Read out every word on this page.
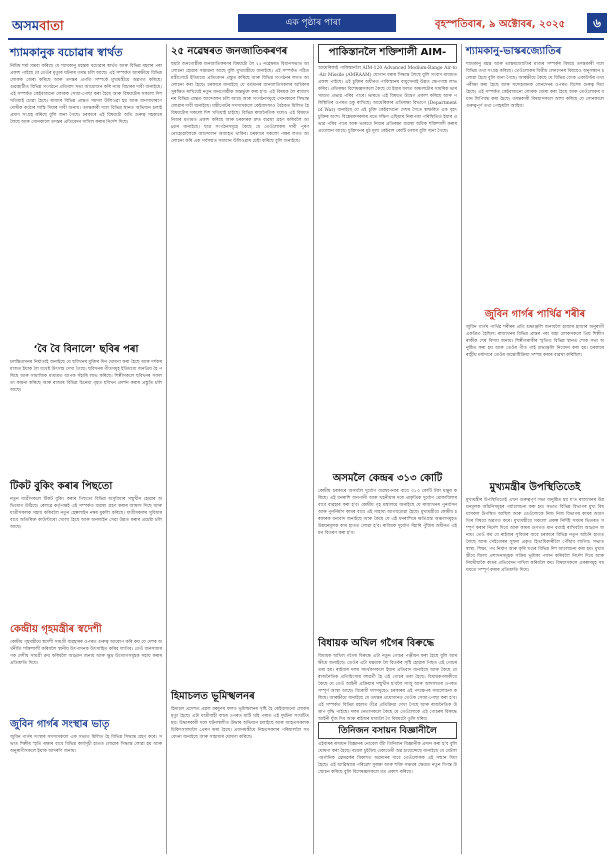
অসমবাতা	এক পৃষ্ঠাৰ পাৰা	বৃহস্পতিবাৰ, ৯ অক্টোবৰ, ২০২৫	৬
শ্যামকানুক বচোৱাৰ স্বাৰ্থত

নিমিষ শৰ্মা মন্তব্য কৰিছে যে শ্যামকানু মহন্তক বচোৱাৰ স্বাৰ্থত আৰু বিভিন্ন মহলৰ পৰা প্ৰকাশ পাইছে যে তেওঁৰ মৃত্যুৰ ঘটনাৰ তদন্ত চলি আছে। এই সম্পৰ্কত আৰক্ষীয়ে বিভিন্ন লোকক জেৰা কৰিছে আৰু তদন্তৰ প্ৰগতি সম্পৰ্কে মুখ্যমন্ত্ৰীয়ে অৱগত কৰিছে। গুৱাহাটীত বিভিন্ন সংগঠনে প্ৰতিবাদ সভা আয়োজন কৰি ন্যায় বিচাৰৰ দাবী জনাইছে। এই সম্পৰ্কত কেইবাজনো লোকক সোধা-পোছা কৰা হৈছে আৰু বিষয়টোৰ সকলো দিশ খতিয়াই চোৱা হৈছে। ৰাজ্যৰ বিভিন্ন প্ৰান্তত সমদল উলিওৱা হয় আৰু জনসাধাৰণে দোষীক কঠোৰ শাস্তি দিয়াৰ দাবী জনায়। তদন্তকাৰী দলে বিভিন্ন স্থানত অভিযান চলাই প্ৰমাণ সংগ্ৰহ কৰিছে বুলি জনা গৈছে। চৰকাৰে এই বিষয়টো অতি গুৰুত্ব সহকাৰে লৈছে আৰু সোনকালে তদন্তৰ প্ৰতিবেদন দাখিল কৰাৰ নিৰ্দেশ দিছে।

‘বৈ বৈ বিনালে’ ছবিৰ পৰা

চলচ্চিত্ৰখনৰ নিৰ্মাতাই জনাইছে যে ছবিখনৰ মুক্তিৰ দিন ঘোষণা কৰা হৈছে আৰু দৰ্শকৰ মাজত ইয়াক লৈ যথেষ্ট উৎসাহ দেখা গৈছে। ছবিখনৰ গীতসমূহ ইতিমধ্যে জনপ্ৰিয় হৈ পৰিছে আৰু সামাজিক মাধ্যমত ব্যাপক সঁহাৰি লাভ কৰিছে। শিল্পীসকলে ছবিখনৰ সফলতা কামনা কৰিছে আৰু ৰাজ্যৰ বিভিন্ন চিনেমা গৃহত ছবিখন প্ৰদৰ্শন কৰাৰ প্ৰস্তুতি চলি আছে।

টিকট বুকিং কৰাৰ পিছতো

নতুন যাত্ৰীসকলে টিকট বুকিং কৰাৰ পিছতো বিভিন্ন অসুবিধাৰ সন্মুখীন হোৱাৰ অভিযোগ উঠিছে। ৰেলৱে কৰ্তৃপক্ষই এই সম্পৰ্কত ব্যৱস্থা গ্ৰহণ কৰাৰ আশ্বাস দিছে আৰু যাত্ৰীসকলক সহায় কৰিবলৈ নতুন হেল্পলাইন নম্বৰ মুকলি কৰিছে। যাত্ৰীসকলৰ সুবিধাৰ বাবে অতিৰিক্ত কাউণ্টাৰো খোলা হৈছে আৰু অনলাইন সেৱা উন্নত কৰাৰ প্ৰচেষ্টা চলি আছে।

কেন্দ্ৰীয় গৃহমন্ত্ৰীৰ স্বদেশী

কেন্দ্ৰীয় গৃহমন্ত্ৰীয়ে স্বদেশী সামগ্ৰী ব্যৱহাৰৰ ওপৰত গুৰুত্ব আৰোপ কৰি কয় যে দেশৰ অৰ্থনীতি শক্তিশালী কৰিবলৈ স্থানীয় উৎপাদনক উৎসাহিত কৰিব লাগিব। তেওঁ জনসাধাৰণক দেশীয় সামগ্ৰী ক্ৰয় কৰিবলৈ আহ্বান জনায় আৰু ক্ষুদ্ৰ উদ্যোগসমূহক সহায় কৰাৰ প্ৰতিশ্ৰুতি দিয়ে।

জুবিন গাৰ্গৰ সংস্থাৰ ভাতৃ

জুবিন গাৰ্গৰ সংস্থাৰ সদস্যসকলে এক সভাত মিলিত হৈ বিভিন্ন সিদ্ধান্ত গ্ৰহণ কৰে। সভাত শিল্পীৰ স্মৃতি ৰক্ষাৰ বাবে বিভিন্ন কাৰ্যসূচী হাতত লোৱাৰ সিদ্ধান্ত লোৱা হয় আৰু অনুৰাগীসকলে ইয়াক আদৰণি জনায়।

২৫ নৱেম্বৰত জনজাতিকৰণৰ

ছয়টা জনগোষ্ঠীক জনজাতিকৰণৰ বিষয়টো লৈ ২৫ নৱেম্বৰত বিধানসভাত আলোচনা হোৱাৰ সম্ভাৱনা আছে বুলি মুখ্যমন্ত্ৰীয়ে জনাইছে। এই সম্পৰ্কত গঠিত মন্ত্ৰীগোটে ইতিমধ্যে প্ৰতিবেদন প্ৰস্তুত কৰিছে আৰু বিভিন্ন সংগঠনৰ লগত আলোচনা কৰা হৈছে। চৰকাৰে জনাইছে যে বৰ্তমানৰ জনজাতিসকলৰ অধিকাৰ সুৰক্ষিত ৰাখিয়েই নতুন জনগোষ্ঠীক অন্তৰ্ভুক্ত কৰা হ'ব। এই বিষয়ক লৈ ৰাজ্যখনৰ বিভিন্ন প্ৰান্তত আন্দোলন চলি আছে আৰু সংগঠনসমূহে সোনকালে সিদ্ধান্ত লোৱাৰ দাবী জনাইছে। মন্ত্ৰীগোটৰ সদস্যসকলে কেইবাদফাও বৈঠকত মিলিত হৈ বিষয়টোৰ সকলো দিশ খতিয়াই চাইছে। বিভিন্ন ৰাজনৈতিক দলেও এই বিষয়ত নিজৰ মতামত প্ৰকাশ কৰিছে আৰু চৰকাৰক দ্ৰুত ব্যৱস্থা গ্ৰহণ কৰিবলৈ আহ্বান জনাইছে। ছাত্ৰ সংগঠনসমূহে কৈছে যে তেওঁলোকৰ দাবী পূৰণ নোহোৱালৈকে আন্দোলন অব্যাহত থাকিব। চৰকাৰে সকলো পক্ষৰ লগত আলোচনা কৰি এক সৰ্বসন্মত সমাধান উলিওৱাৰ চেষ্টা কৰিছে বুলি জনাইছে।

হিমাচলত ভূমিস্খলনৰ

হিমাচল প্ৰদেশত প্ৰৱল বৰষুণৰ ফলত ভূমিস্খলনৰ সৃষ্টি হৈ কেইবাজনো লোকৰ মৃত্যু হৈছে। এটা যাত্ৰীবাহী বাছৰ ওপৰত মাটি খহি পৰাত এই দুৰ্ঘটনা সংঘটিত হয়। উদ্ধাৰকাৰী দলে ঘটনাস্থলীত উদ্ধাৰ অভিযান চলাইছে আৰু আহতসকলক চিকিৎসালয়লৈ প্ৰেৰণ কৰা হৈছে। প্ৰধানমন্ত্ৰীয়ে নিহতসকলৰ পৰিয়াললৈ সমবেদনা জনাইছে আৰু সাহায্যৰ ঘোষণা কৰিছে।

পাকিস্তানলৈ শক্তিশালী AIM-

আমেৰিকাই পাকিস্তানলৈ AIM-120 Advanced Medium-Range Air-to-Air Missile (AMRAAM) যোগান ধৰাৰ সিদ্ধান্ত লৈছে বুলি সংবাদ মাধ্যমত প্ৰকাশ পাইছে। এই চুক্তিৰ অধীনত পাকিস্তানৰ বায়ুসেনাই উন্নত ক্ষেপণাস্ত্ৰ লাভ কৰিব। প্ৰতিৰক্ষা বিশেষজ্ঞসকলে কৈছে যে ইয়াৰ ফলত অঞ্চলটোৰ সামৰিক ভাৰসাম্যত প্ৰভাৱ পৰিব পাৰে। ভাৰতে এই বিষয়ত উদ্বেগ প্ৰকাশ কৰিছে আৰু পৰিস্থিতিৰ ওপৰত চকু ৰাখিছে। আমেৰিকাৰ প্ৰতিৰক্ষা বিভাগে (Department of War) জনাইছে যে এই চুক্তি কেইবাখনো দেশৰ সৈতে স্বাক্ষৰিত এক বৃহৎ চুক্তিৰ অংশ। বিশ্লেষকসকলৰ মতে দক্ষিণ এছিয়াৰ নিৰাপত্তা পৰিস্থিতিত ইয়াৰ প্ৰভাৱ পৰিব পাৰে আৰু ভাৰতে নিজৰ প্ৰতিৰক্ষা ব্যৱস্থা অধিক শক্তিশালী কৰাৰ প্ৰয়োজন আছে। চুক্তিখনৰ মুঠ মূল্য কেইবাশ কোটি ডলাৰ বুলি জনা গৈছে।

অসমলৈ কেন্দ্ৰৰ ৩১৩ কোটি

কেন্দ্ৰীয় চৰকাৰে অসমলৈ দুৰ্যোগ ব্যৱস্থাপনাৰ বাবে ৩১৩ কোটি টকা মঞ্জুৰ কৰিছে। এই ধনৰাশি বানপানী আৰু খহনীয়াৰ দৰে প্ৰাকৃতিক দুৰ্যোগ মোকাবিলাৰ বাবে ব্যৱহাৰ কৰা হ'ব। কেন্দ্ৰীয় গৃহ মন্ত্ৰালয়ে জনাইছে যে ৰাজ্যখনৰ পুনৰ্বাসন আৰু পুনৰ্নিৰ্মাণ কামৰ বাবে এই সাহায্য আগবঢ়োৱা হৈছে। মুখ্যমন্ত্ৰীয়ে কেন্দ্ৰীয় চৰকাৰক ধন্যবাদ জনাইছে আৰু কৈছে যে এই ধনৰাশিৰে ক্ষতিগ্ৰস্ত অঞ্চলসমূহত উন্নয়নমূলক কাম হাতত লোৱা হ'ব। ৰাজ্যিক দুৰ্যোগ সঁহাৰি পুঁজিৰ অধীনত এই ধন বিতৰণ কৰা হ'ব।

বিধায়ক অখিল গগৈৰ বিৰুদ্ধে

বিধায়ক অখিল গগৈৰ বিৰুদ্ধে এটা নতুন গোচৰ পঞ্জীয়ন কৰা হৈছে বুলি আৰক্ষীয়ে জনাইছে। তেওঁৰ এটা মন্তব্যক লৈ বিতৰ্কৰ সৃষ্টি হোৱাৰ পিছত এই গোচৰ তৰা হয়। ৰাইজৰ দলৰ সমৰ্থকসকলে ইয়াৰ প্ৰতিবাদ জনাইছে আৰু কৈছে যে ৰাজনৈতিক প্ৰতিহিংসাৰ বশৱৰ্তী হৈ এই গোচৰ তৰা হৈছে। বিধায়কগৰাকীয়ে কৈছে যে তেওঁ আইনী প্ৰক্ৰিয়াৰ সন্মুখীন হ'বলৈ সাজু আৰু আদালতৰ ওপৰত সম্পূৰ্ণ আস্থা আছে। বিৰোধী দলসমূহেও চৰকাৰৰ এই পদক্ষেপৰ সমালোচনা কৰিছে। আৰক্ষীয়ে জনাইছে যে তদন্তৰ প্ৰয়োজনত তেওঁক সোধা-পোছা কৰা হ'ব। এই সম্পৰ্কত বিভিন্ন মহলত তীব্ৰ প্ৰতিক্ৰিয়া দেখা গৈছে আৰু ৰাজনৈতিক উত্তাপ বৃদ্ধি পাইছে। দলৰ নেতাসকলে কৈছে যে তেওঁলোকে এই গোচৰৰ বিৰুদ্ধে আইনী যুঁজ দিব আৰু ৰাইজৰ মাজলৈ গৈ বিষয়টো তুলি ধৰিব।

তিনিজন বসায়ন বিজ্ঞানীলৈ

এইবাৰৰ ৰসায়ন বিজ্ঞানৰ নোবেল বঁটা তিনিজন বিজ্ঞানীক প্ৰদান কৰা হ'ব বুলি ঘোষণা কৰা হৈছে। ৰয়েল চুইডিছ একাডেমী অৱ চায়েন্সেছে জনাইছে যে মেটাল-অৰ্গানিক ফ্ৰেমৱৰ্কৰ বিকাশত অৱদানৰ বাবে তেওঁলোকক এই সন্মান দিয়া হৈছে। এই আৱিষ্কাৰে পৰিৱেশ সুৰক্ষা আৰু শক্তি সঞ্চয়ৰ ক্ষেত্ৰত নতুন দিগন্ত উন্মোচন কৰিছে বুলি বিশেষজ্ঞসকলে মত প্ৰকাশ কৰিছে।

শ্যামকানু-ভাস্কৰজ্যোতিৰ

শ্যামকানু মহন্ত আৰু ভাস্কৰজ্যোতিৰ মাজৰ সম্পৰ্কৰ বিষয়ে তদন্তকাৰী দলে বিভিন্ন তথ্য সংগ্ৰহ কৰিছে। তেওঁলোকৰ বিত্তীয় লেনদেনৰ বিষয়েও অনুসন্ধান চলোৱা হৈছে বুলি জনা গৈছে। আৰক্ষীয়ে কৈছে যে বিভিন্ন বেংক একাউণ্টৰ তথ্য পৰীক্ষা কৰা হৈছে আৰু সন্দেহজনক লেনদেনৰ ওপৰত বিশেষ গুৰুত্ব দিয়া হৈছে। এই সম্পৰ্কত কেইবাজনো লোকক জেৰা কৰা হৈছে আৰু তেওঁলোকৰ বয়ান লিপিবদ্ধ কৰা হৈছে। তদন্তকাৰী বিষয়াসকলে আশা কৰিছে যে সোনকালে গুৰুত্বপূৰ্ণ তথ্য পোহৰলৈ আহিব।

জুবিন গাৰ্গৰ পাৰ্থিৱ শৰীৰ

জুবিন গাৰ্গৰ পাৰ্থিৱ শৰীৰৰ প্ৰতি শ্ৰদ্ধাঞ্জলি জনাবলৈ হাজাৰ হাজাৰ অনুৰাগী একত্ৰিত হৈছিল। ৰাজ্যখনৰ বিভিন্ন প্ৰান্তৰ পৰা অহা লোকসকলে প্ৰিয় শিল্পীগৰাকীক শেষ বিদায় জনায়। শিল্পীগৰাকীৰ স্মৃতিত বিভিন্ন স্থানত শোক সভা অনুষ্ঠিত কৰা হয় আৰু তেওঁৰ গীত গাই শ্ৰদ্ধাঞ্জলি নিবেদন কৰা হয়। চৰকাৰে ৰাষ্ট্ৰীয় মৰ্যাদাৰে তেওঁৰ অন্ত্যেষ্টিক্ৰিয়া সম্পন্ন কৰাৰ ব্যৱস্থা কৰিছিল।

মুখ্যমন্ত্ৰীৰ উপস্থিতিতেই

মুখ্যমন্ত্ৰীৰ উপস্থিতিতেই এখন গুৰুত্বপূৰ্ণ সভা অনুষ্ঠিত হয় য'ত ৰাজ্যখনৰ উন্নয়নমূলক আঁচনিসমূহৰ পৰ্যালোচনা কৰা হয়। সভাত বিভিন্ন বিভাগৰ মুখ্য বিষয়াসকল উপস্থিত আছিল আৰু তেওঁলোকে নিজ নিজ বিভাগৰ কামৰ অগ্ৰগতিৰ বিষয়ে অৱগত কৰে। মুখ্যমন্ত্ৰীয়ে সকলো প্ৰকল্প নিৰ্দিষ্ট সময়ৰ ভিতৰত সম্পূৰ্ণ কৰাৰ নিৰ্দেশ দিয়ে আৰু কামৰ গুণগত মান বজাই ৰাখিবলৈ আহ্বান জনায়। তেওঁ কয় যে ৰাইজৰ সুবিধাৰ বাবে চৰকাৰে বিভিন্ন নতুন আঁচনি হাতত লৈছে আৰু সেইবোৰৰ সুফল প্ৰকৃত হিতাধিকাৰীলৈ পৌঁছাব লাগিব। সভাত স্বাস্থ্য, শিক্ষা, পথ নিৰ্মাণ আৰু কৃষি খণ্ডৰ বিভিন্ন দিশ আলোচনা কৰা হয়। মুখ্যমন্ত্ৰীয়ে জিলা প্ৰশাসনসমূহক সক্ৰিয় ভূমিকা পালন কৰিবলৈ নিৰ্দেশ দিয়ে আৰু নিয়মীয়াকৈ কামৰ প্ৰতিবেদন দাখিল কৰিবলৈ কয়। বিষয়াসকলে প্ৰকল্পসমূহ সময়মতে সম্পূৰ্ণ কৰাৰ প্ৰতিশ্ৰুতি দিয়ে।
